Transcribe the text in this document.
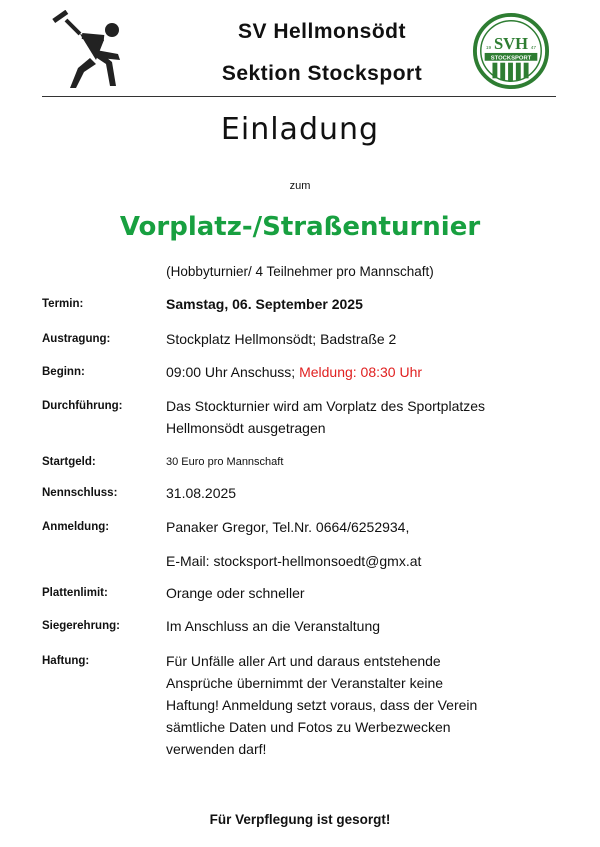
SV Hellmonsödt
Sektion Stocksport
SVH
19	47
STOCKSPORT
Einladung
zum
Vorplatz-/Straßenturnier
(Hobbyturnier/ 4 Teilnehmer pro Mannschaft)
Termin:	Samstag, 06. September 2025
Austragung:	Stockplatz Hellmonsödt; Badstraße 2
Beginn:	09:00 Uhr Anschuss; Meldung: 08:30 Uhr
Durchführung:	Das Stockturnier wird am Vorplatz des Sportplatzes
Hellmonsödt ausgetragen
Startgeld:	30 Euro pro Mannschaft
Nennschluss:	31.08.2025
Anmeldung:	Panaker Gregor, Tel.Nr. 0664/6252934,
E-Mail: stocksport-hellmonsoedt@gmx.at
Plattenlimit:	Orange oder schneller
Siegerehrung:	Im Anschluss an die Veranstaltung
Haftung:	Für Unfälle aller Art und daraus entstehende
Ansprüche übernimmt der Veranstalter keine
Haftung! Anmeldung setzt voraus, dass der Verein
sämtliche Daten und Fotos zu Werbezwecken
verwenden darf!
Für Verpflegung ist gesorgt!
